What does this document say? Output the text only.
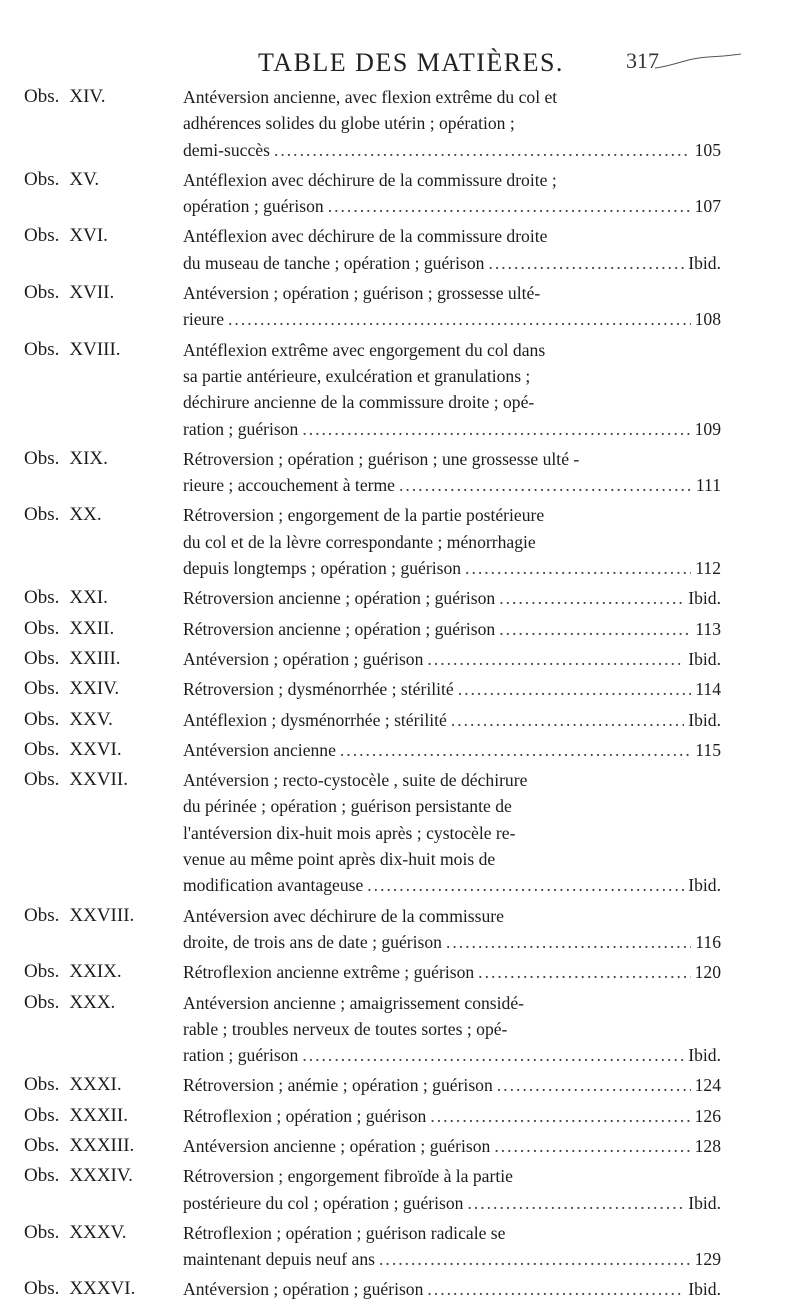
TABLE DES MATIÈRES.	317
Obs. XIV.	Antéversion ancienne, avec flexion extrême du col et
adhérences solides du globe utérin ; opération ;
demi-succès .....	105
Obs. XV.	Antéflexion avec déchirure de la commissure droite ;
opération ; guérison .....	107
Obs. XVI.	Antéflexion avec déchirure de la commissure droite
du museau de tanche ; opération ; guérison .....	Ibid.
Obs. XVII.	Antéversion ; opération ; guérison ; grossesse ulté-
rieure .....	108
Obs. XVIII.	Antéflexion extrême avec engorgement du col dans
sa partie antérieure, exulcération et granulations ;
déchirure ancienne de la commissure droite ; opé-
ration ; guérison .....	109
Obs. XIX.	Rétroversion ; opération ; guérison ; une grossesse ulté -
rieure ; accouchement à terme .....	111
Obs. XX.	Rétroversion ; engorgement de la partie postérieure
du col et de la lèvre correspondante ; ménorrhagie
depuis longtemps ; opération ; guérison .....	112
Obs. XXI.	Rétroversion ancienne ; opération ; guérison .....	Ibid.
Obs. XXII.	Rétroversion ancienne ; opération ; guérison .....	113
Obs. XXIII.	Antéversion ; opération ; guérison .....	Ibid.
Obs. XXIV.	Rétroversion ; dysménorrhée ; stérilité .....	114
Obs. XXV.	Antéflexion ; dysménorrhée ; stérilité .....	Ibid.
Obs. XXVI.	Antéversion ancienne .....	115
Obs. XXVII.	Antéversion ; recto-cystocèle , suite de déchirure
du périnée ; opération ; guérison persistante de
l'antéversion dix-huit mois après ; cystocèle re-
venue au même point après dix-huit mois de
modification avantageuse .....	Ibid.
Obs. XXVIII.	Antéversion avec déchirure de la commissure
droite, de trois ans de date ; guérison .....	116
Obs. XXIX.	Rétroflexion ancienne extrême ; guérison .....	120
Obs. XXX.	Antéversion ancienne ; amaigrissement considé-
rable ; troubles nerveux de toutes sortes ; opé-
ration ; guérison .....	Ibid.
Obs. XXXI.	Rétroversion ; anémie ; opération ; guérison .....	124
Obs. XXXII.	Rétroflexion ; opération ; guérison .....	126
Obs. XXXIII.	Antéversion ancienne ; opération ; guérison .....	128
Obs. XXXIV.	Rétroversion ; engorgement fibroïde à la partie
postérieure du col ; opération ; guérison .....	Ibid.
Obs. XXXV.	Rétroflexion ; opération ; guérison radicale se
maintenant depuis neuf ans .....	129
Obs. XXXVI.	Antéversion ; opération ; guérison .....	Ibid.
